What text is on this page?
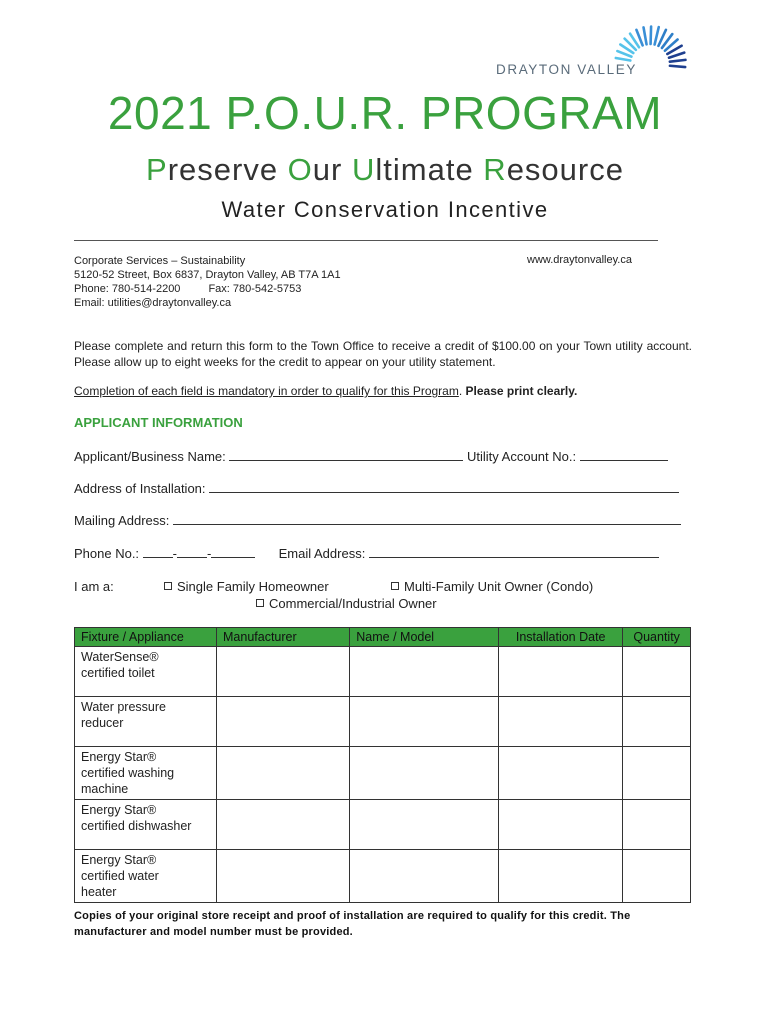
DRAYTON VALLEY
2021 P.O.U.R. PROGRAM
Preserve Our Ultimate Resource
Water Conservation Incentive
Corporate Services – Sustainability
5120-52 Street, Box 6837, Drayton Valley, AB T7A 1A1
Phone: 780-514-2200	Fax: 780-542-5753
Email: utilities@draytonvalley.ca
www.draytonvalley.ca
Please complete and return this form to the Town Office to receive a credit of $100.00 on your Town utility account. Please allow up to eight weeks for the credit to appear on your utility statement.
Completion of each field is mandatory in order to qualify for this Program. Please print clearly.
APPLICANT INFORMATION
Applicant/Business Name:	Utility Account No.:
Address of Installation:
Mailing Address:
Phone No.:	- -	Email Address:
I am a:	Single Family Homeowner	Multi-Family Unit Owner (Condo)
Commercial/Industrial Owner
Fixture / Appliance	Manufacturer	Name / Model	Installation Date	Quantity

WaterSense®
certified toilet				

Water pressure
reducer				

Energy Star®
certified washing
machine				

Energy Star®
certified dishwasher				

Energy Star®
certified water
heater				

Copies of your original store receipt and proof of installation are required to qualify for this credit. The manufacturer and model number must be provided.
